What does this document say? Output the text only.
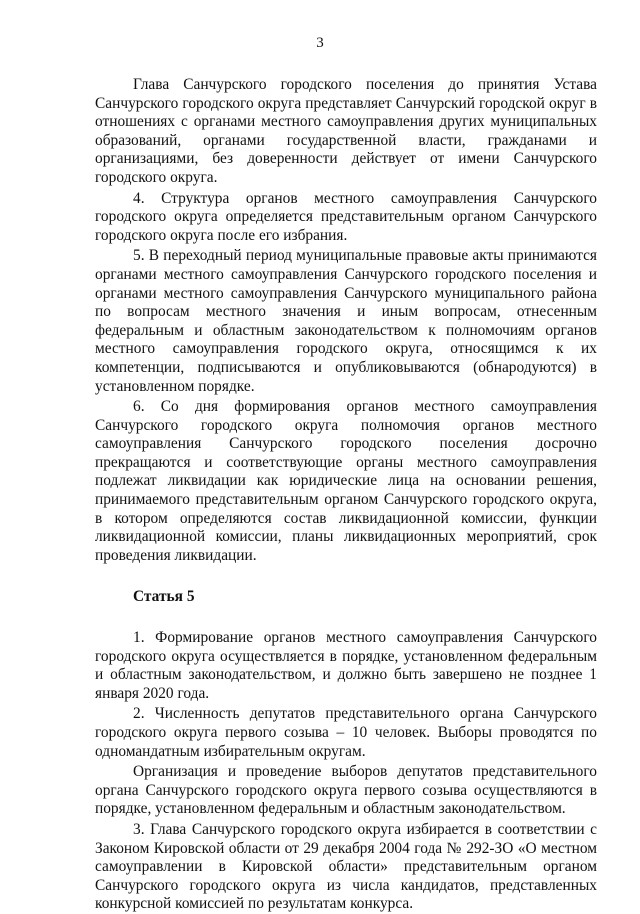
3

Глава Санчурского городского поселения до принятия Устава Санчурского городского округа представляет Санчурский городской округ в отношениях с органами местного самоуправления других муниципальных образований, органами государственной власти, гражданами и организациями, без доверенности действует от имени Санчурского городского округа.

4. Структура органов местного самоуправления Санчурского городского округа определяется представительным органом Санчурского городского округа после его избрания.

5. В переходный период муниципальные правовые акты принимаются органами местного самоуправления Санчурского городского поселения и органами местного самоуправления Санчурского муниципального района по вопросам местного значения и иным вопросам, отнесенным федеральным и областным законодательством к полномочиям органов местного самоуправления городского округа, относящимся к их компетенции, подписываются и опубликовываются (обнародуются) в установленном порядке.

6. Со дня формирования органов местного самоуправления Санчурского городского округа полномочия органов местного самоуправления Санчурского городского поселения досрочно прекращаются и соответствующие органы местного самоуправления подлежат ликвидации как юридические лица на основании решения, принимаемого представительным органом Санчурского городского округа, в котором определяются состав ликвидационной комиссии, функции ликвидационной комиссии, планы ликвидационных мероприятий, срок проведения ликвидации.

Статья 5

1. Формирование органов местного самоуправления Санчурского городского округа осуществляется в порядке, установленном федеральным и областным законодательством, и должно быть завершено не позднее 1 января 2020 года.

2. Численность депутатов представительного органа Санчурского городского округа первого созыва – 10 человек. Выборы проводятся по одномандатным избирательным округам.

Организация и проведение выборов депутатов представительного органа Санчурского городского округа первого созыва осуществляются в порядке, установленном федеральным и областным законодательством.

3. Глава Санчурского городского округа избирается в соответствии с Законом Кировской области от 29 декабря 2004 года № 292-ЗО «О местном самоуправлении в Кировской области» представительным органом Санчурского городского округа из числа кандидатов, представленных конкурсной комиссией по результатам конкурса.
